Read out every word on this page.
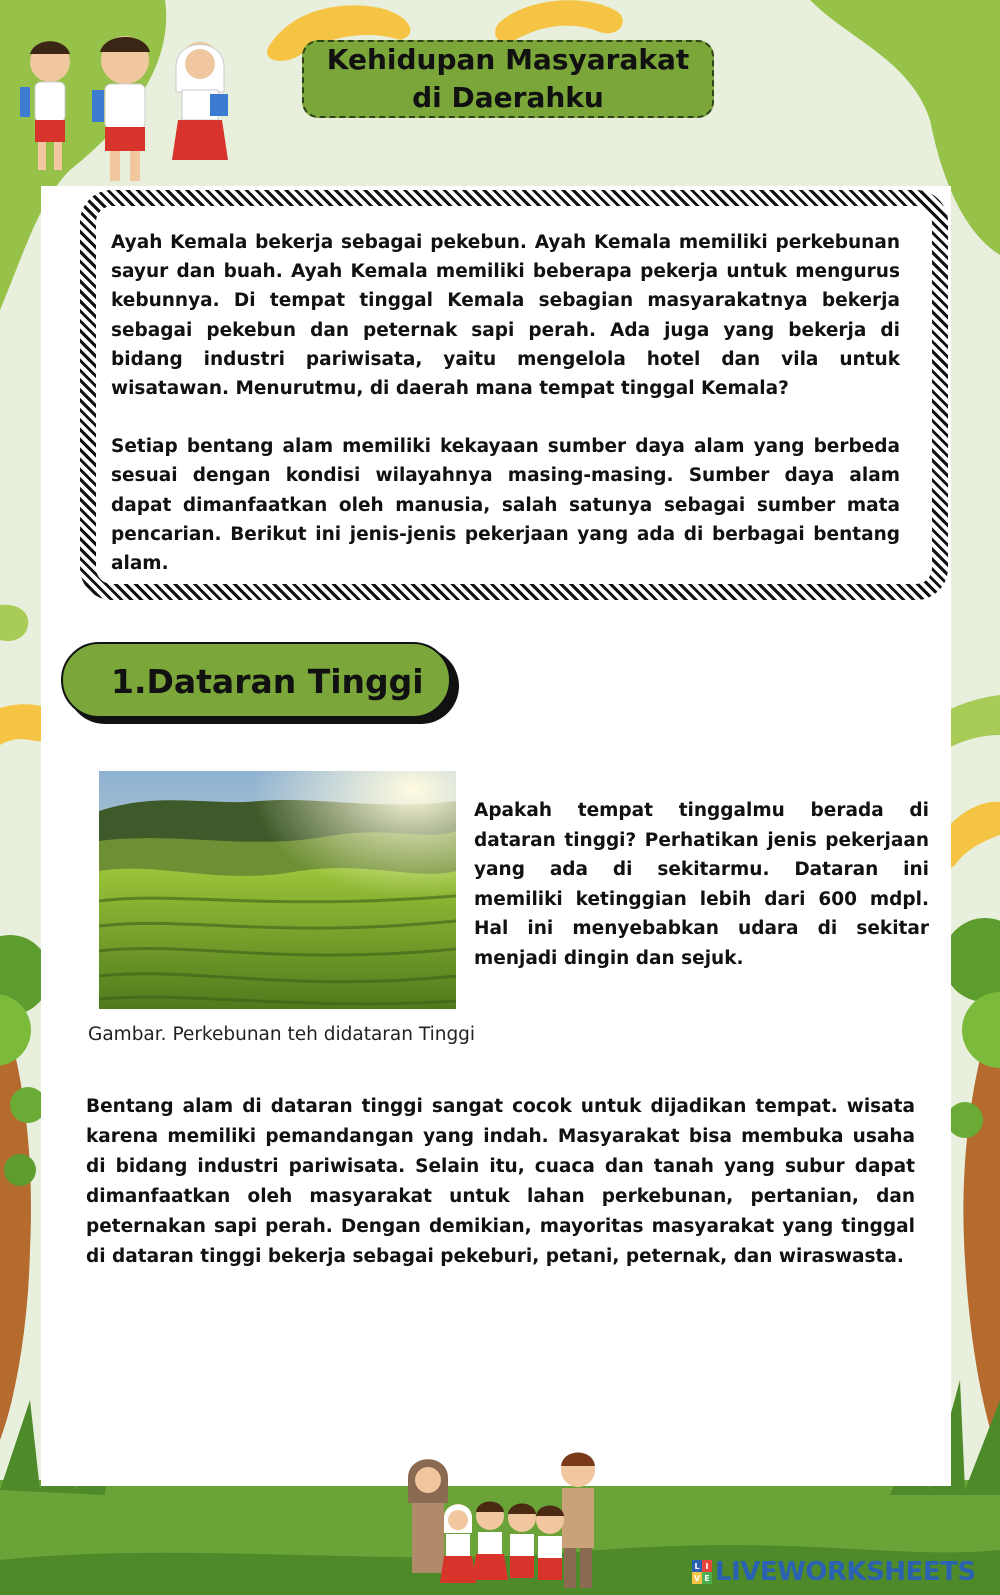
Kehidupan Masyarakat di Daerahku

Ayah Kemala bekerja sebagai pekebun. Ayah Kemala memiliki perkebunan sayur dan buah. Ayah Kemala memiliki beberapa pekerja untuk mengurus kebunnya. Di tempat tinggal Kemala sebagian masyarakatnya bekerja sebagai pekebun dan peternak sapi perah. Ada juga yang bekerja di bidang industri pariwisata, yaitu mengelola hotel dan vila untuk wisatawan. Menurutmu, di daerah mana tempat tinggal Kemala?

Setiap bentang alam memiliki kekayaan sumber daya alam yang berbeda sesuai dengan kondisi wilayahnya masing-masing. Sumber daya alam dapat dimanfaatkan oleh manusia, salah satunya sebagai sumber mata pencarian. Berikut ini jenis-jenis pekerjaan yang ada di berbagai bentang alam.

1.Dataran Tinggi
Gambar. Perkebunan teh didataran Tinggi

Apakah tempat tinggalmu berada di dataran tinggi? Perhatikan jenis pekerjaan yang ada di sekitarmu. Dataran ini memiliki ketinggian lebih dari 600 mdpl. Hal ini menyebabkan udara di sekitar menjadi dingin dan sejuk.

Bentang alam di dataran tinggi sangat cocok untuk dijadikan tempat. wisata karena memiliki pemandangan yang indah. Masyarakat bisa membuka usaha di bidang industri pariwisata. Selain itu, cuaca dan tanah yang subur dapat dimanfaatkan oleh masyarakat untuk lahan perkebunan, pertanian, dan peternakan sapi perah. Dengan demikian, mayoritas masyarakat yang tinggal di dataran tinggi bekerja sebagai pekeburi, petani, peternak, dan wiraswasta.

L I
V E LIVEWORKSHEETS
